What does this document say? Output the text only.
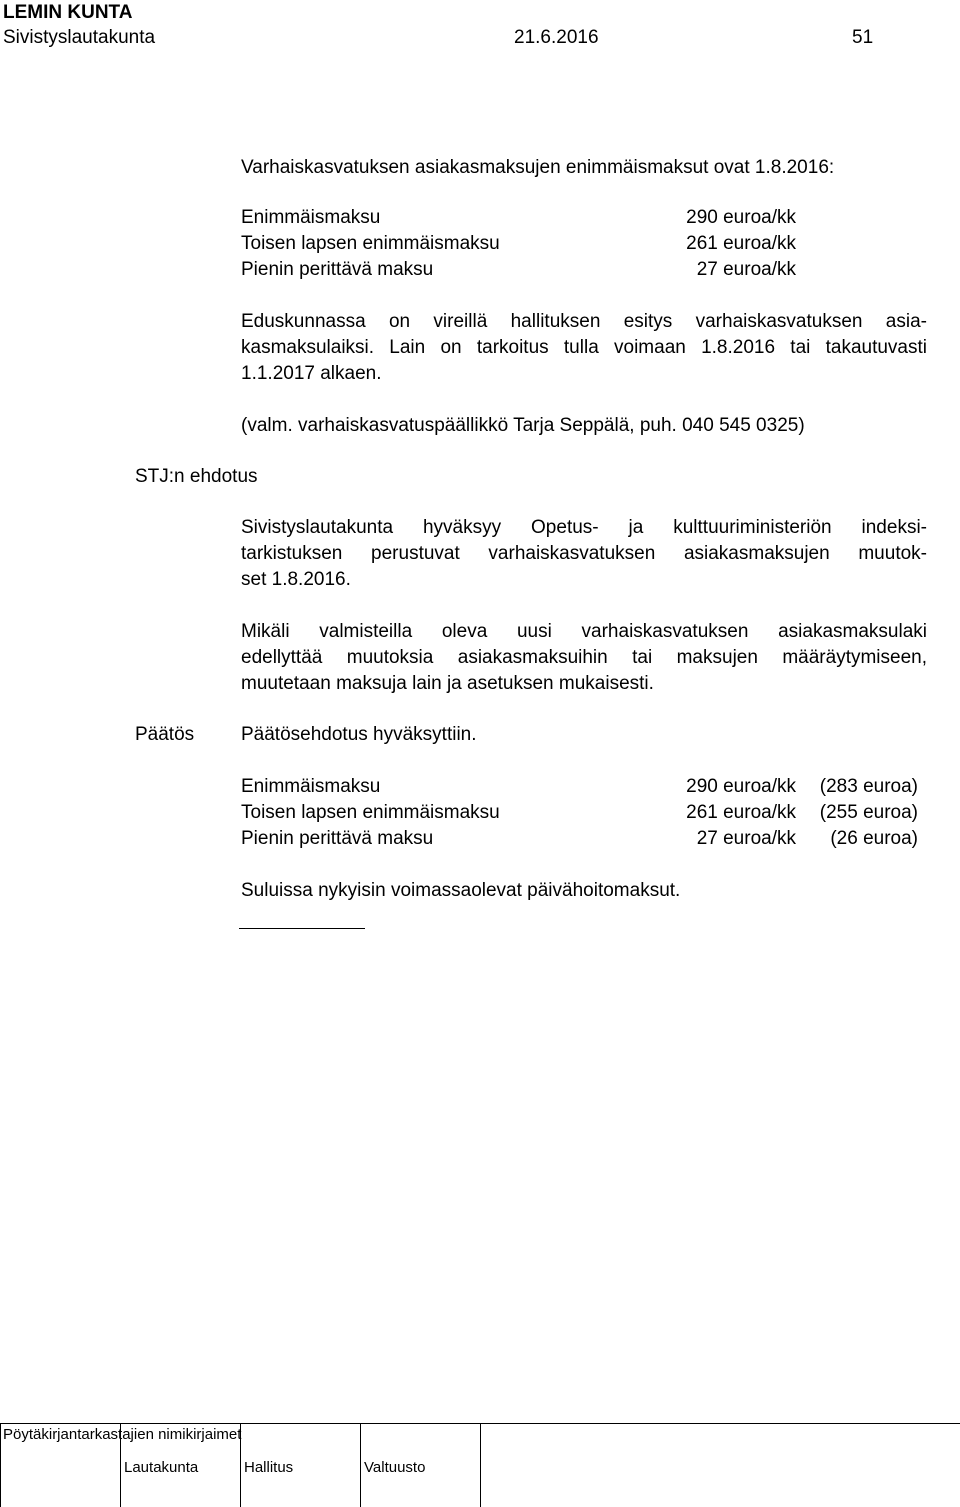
LEMIN KUNTA
Sivistyslautakunta	21.6.2016	51
Varhaiskasvatuksen asiakasmaksujen enimmäismaksut ovat 1.8.2016:
Enimmäismaksu	290 euroa/kk
Toisen lapsen enimmäismaksu	261 euroa/kk
Pienin perittävä maksu	27 euroa/kk
Eduskunnassa on vireillä hallituksen esitys varhaiskasvatuksen asia-
kasmaksulaiksi. Lain on tarkoitus tulla voimaan 1.8.2016 tai takautuvasti
1.1.2017 alkaen.
(valm. varhaiskasvatuspäällikkö Tarja Seppälä, puh. 040 545 0325)
STJ:n ehdotus
Sivistyslautakunta hyväksyy Opetus- ja kulttuuriministeriön indeksi-
tarkistuksen perustuvat varhaiskasvatuksen asiakasmaksujen muutok-
set 1.8.2016.
Mikäli valmisteilla oleva uusi varhaiskasvatuksen asiakasmaksulaki
edellyttää muutoksia asiakasmaksuihin tai maksujen määräytymiseen,
muutetaan maksuja lain ja asetuksen mukaisesti.
Päätös Päätösehdotus hyväksyttiin.
Enimmäismaksu	290 euroa/kk	(283 euroa)
Toisen lapsen enimmäismaksu	261 euroa/kk	(255 euroa)
Pienin perittävä maksu	27 euroa/kk	(26 euroa)
Suluissa nykyisin voimassaolevat päivähoitomaksut.
Pöytäkirjantarkastajien nimikirjaimet
Lautakunta	Hallitus	Valtuusto
